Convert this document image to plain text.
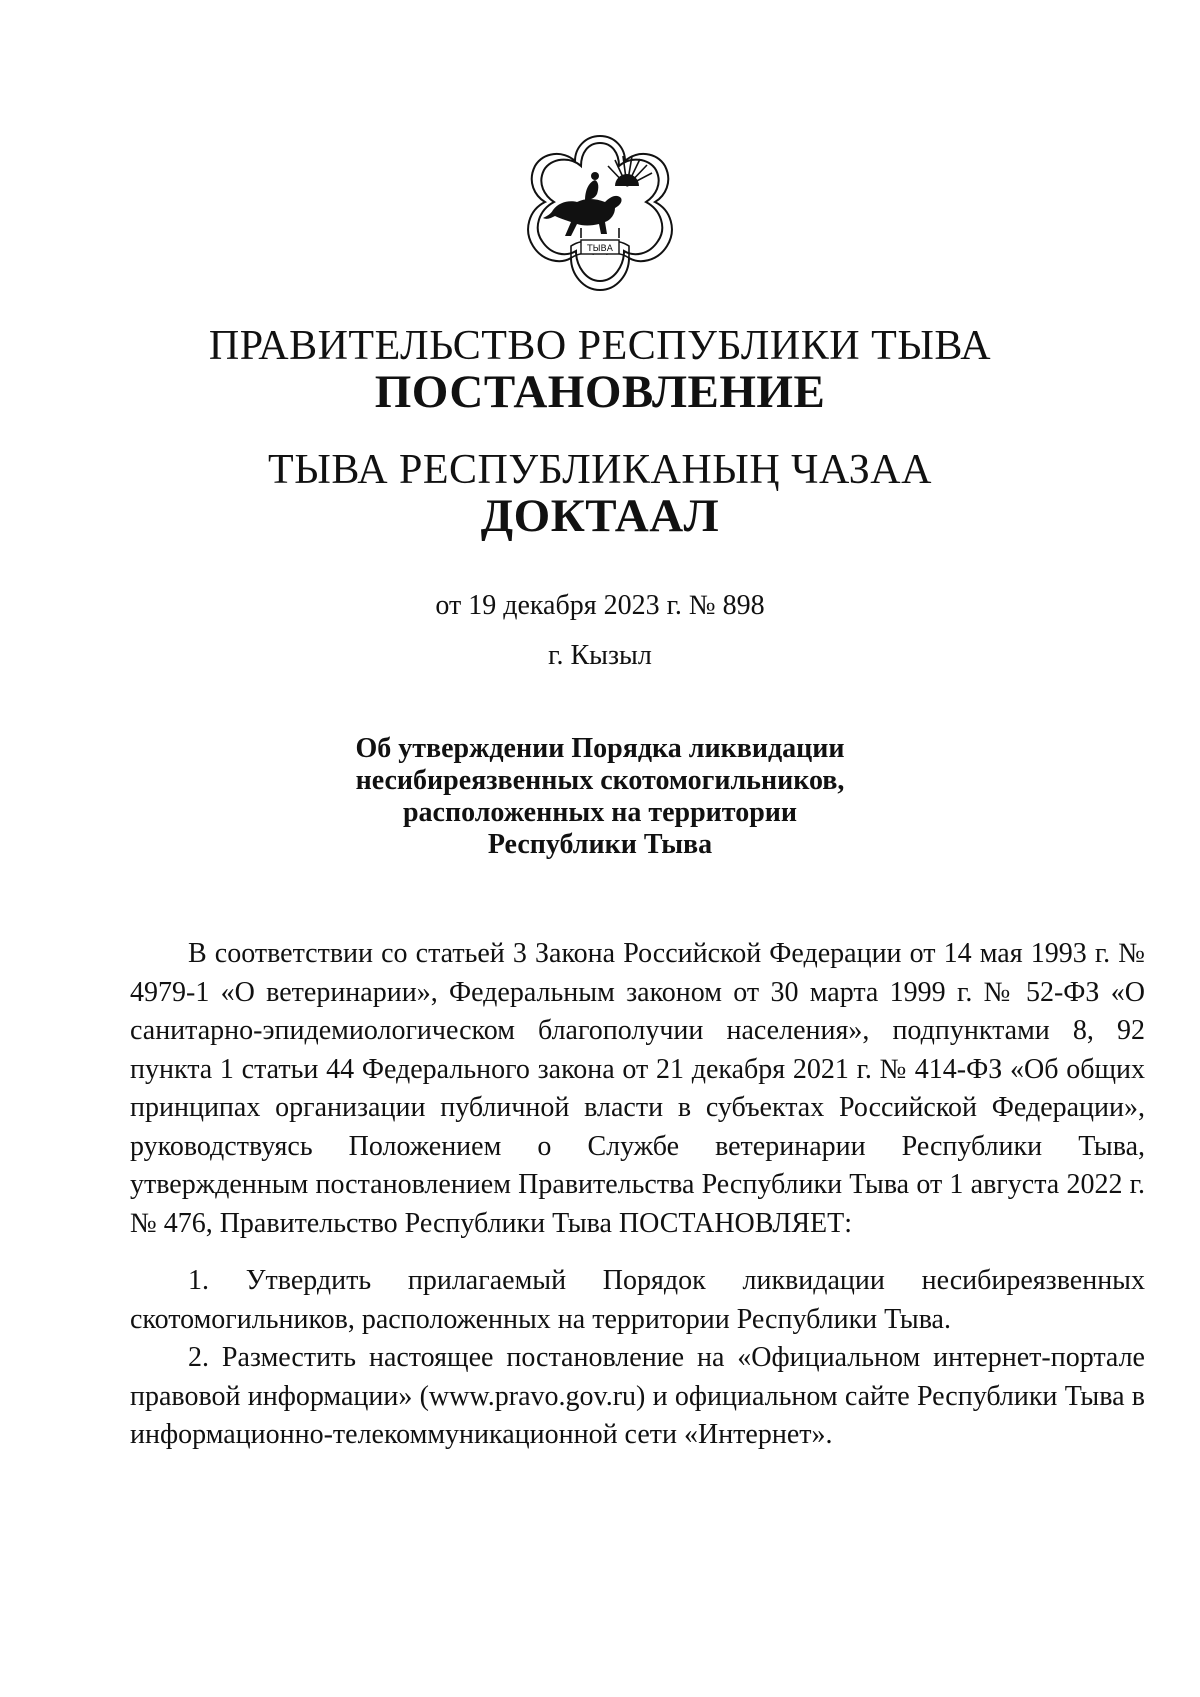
ТЫВА
ПРАВИТЕЛЬСТВО РЕСПУБЛИКИ ТЫВА
ПОСТАНОВЛЕНИЕ
ТЫВА РЕСПУБЛИКАНЫҢ ЧАЗАА
ДОКТААЛ
от 19 декабря 2023 г. № 898
г. Кызыл
Об утверждении Порядка ликвидации
несибиреязвенных скотомогильников,
расположенных на территории
Республики Тыва

В соответствии со статьей 3 Закона Российской Федерации от 14 мая 1993 г. № 4979-1 «О ветеринарии», Федеральным законом от 30 марта 1999 г. № 52-ФЗ «О санитарно-эпидемиологическом благополучии населения», подпунктами 8, 92 пункта 1 статьи 44 Федерального закона от 21 декабря 2021 г. № 414-ФЗ «Об общих принципах организации публичной власти в субъектах Российской Федерации», руководствуясь Положением о Службе ветеринарии Республики Тыва, утвержденным постановлением Правительства Республики Тыва от 1 августа 2022 г. № 476, Правительство Республики Тыва ПОСТАНОВЛЯЕТ:

1. Утвердить прилагаемый Порядок ликвидации несибиреязвенных скотомогильников, расположенных на территории Республики Тыва.

2. Разместить настоящее постановление на «Официальном интернет-портале правовой информации» (www.pravo.gov.ru) и официальном сайте Республики Тыва в информационно-телекоммуникационной сети «Интернет».
